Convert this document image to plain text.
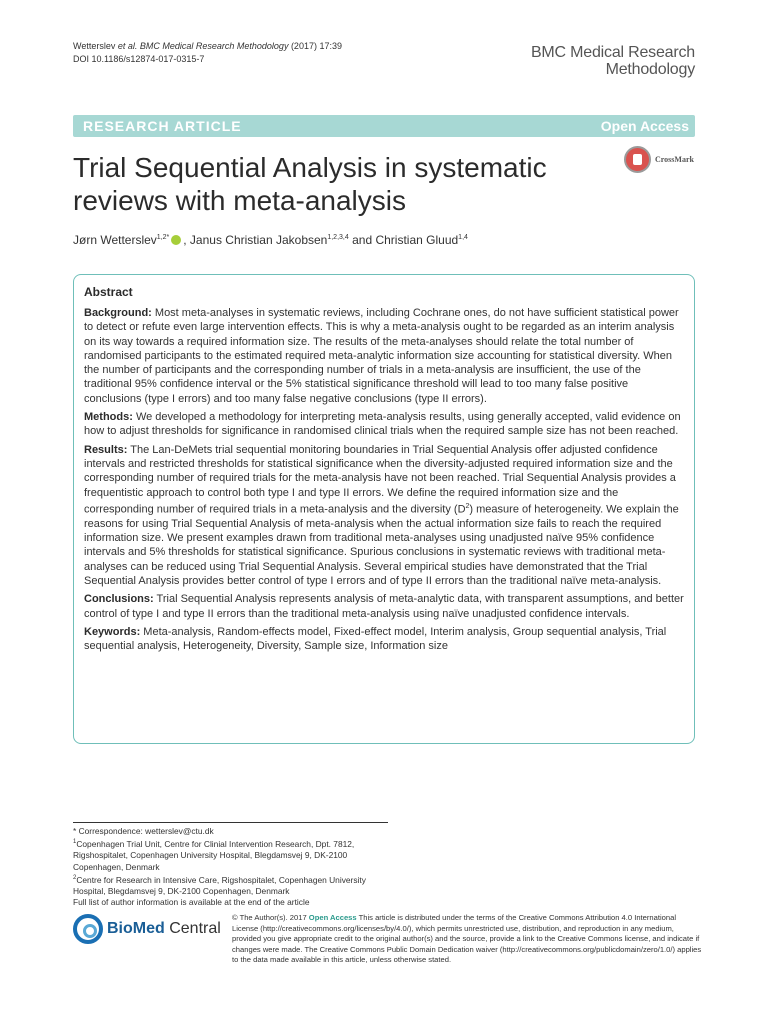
Wetterslev et al. BMC Medical Research Methodology (2017) 17:39
DOI 10.1186/s12874-017-0315-7	BMC Medical Research
Methodology
RESEARCH ARTICLE	Open Access
Trial Sequential Analysis in systematic reviews with meta-analysis
CrossMark
Jørn Wetterslev$^{1,2*}$ , Janus Christian Jakobsen$^{1,2,3,4}$ and Christian Gluud$^{1,4}$
Abstract

Background: Most meta-analyses in systematic reviews, including Cochrane ones, do not have sufficient statistical power to detect or refute even large intervention effects. This is why a meta-analysis ought to be regarded as an interim analysis on its way towards a required information size. The results of the meta-analyses should relate the total number of randomised participants to the estimated required meta-analytic information size accounting for statistical diversity. When the number of participants and the corresponding number of trials in a meta-analysis are insufficient, the use of the traditional 95% confidence interval or the 5% statistical significance threshold will lead to too many false positive conclusions (type I errors) and too many false negative conclusions (type II errors).

Methods: We developed a methodology for interpreting meta-analysis results, using generally accepted, valid evidence on how to adjust thresholds for significance in randomised clinical trials when the required sample size has not been reached.

Results: The Lan-DeMets trial sequential monitoring boundaries in Trial Sequential Analysis offer adjusted confidence intervals and restricted thresholds for statistical significance when the diversity-adjusted required information size and the corresponding number of required trials for the meta-analysis have not been reached. Trial Sequential Analysis provides a frequentistic approach to control both type I and type II errors. We define the required information size and the corresponding number of required trials in a meta-analysis and the diversity $(D^2)$ measure of heterogeneity. We explain the reasons for using Trial Sequential Analysis of meta-analysis when the actual information size fails to reach the required information size. We present examples drawn from traditional meta-analyses using unadjusted naïve 95% confidence intervals and 5% thresholds for statistical significance. Spurious conclusions in systematic reviews with traditional meta-analyses can be reduced using Trial Sequential Analysis. Several empirical studies have demonstrated that the Trial Sequential Analysis provides better control of type I errors and of type II errors than the traditional naïve meta-analysis.

Conclusions: Trial Sequential Analysis represents analysis of meta-analytic data, with transparent assumptions, and better control of type I and type II errors than the traditional meta-analysis using naïve unadjusted confidence intervals.

Keywords: Meta-analysis, Random-effects model, Fixed-effect model, Interim analysis, Group sequential analysis, Trial sequential analysis, Heterogeneity, Diversity, Sample size, Information size

* Correspondence: wetterslev@ctu.dk
$^1$Copenhagen Trial Unit, Centre for Clinial Intervention Research, Dpt. 7812, Rigshospitalet, Copenhagen University Hospital, Blegdamsvej 9, DK-2100 Copenhagen, Denmark
$^2$Centre for Research in Intensive Care, Rigshospitalet, Copenhagen University Hospital, Blegdamsvej 9, DK-2100 Copenhagen, Denmark
Full list of author information is available at the end of the article
BioMed Central
© The Author(s). 2017 Open Access This article is distributed under the terms of the Creative Commons Attribution 4.0 International License (http://creativecommons.org/licenses/by/4.0/), which permits unrestricted use, distribution, and reproduction in any medium, provided you give appropriate credit to the original author(s) and the source, provide a link to the Creative Commons license, and indicate if changes were made. The Creative Commons Public Domain Dedication waiver (http://creativecommons.org/publicdomain/zero/1.0/) applies to the data made available in this article, unless otherwise stated.
